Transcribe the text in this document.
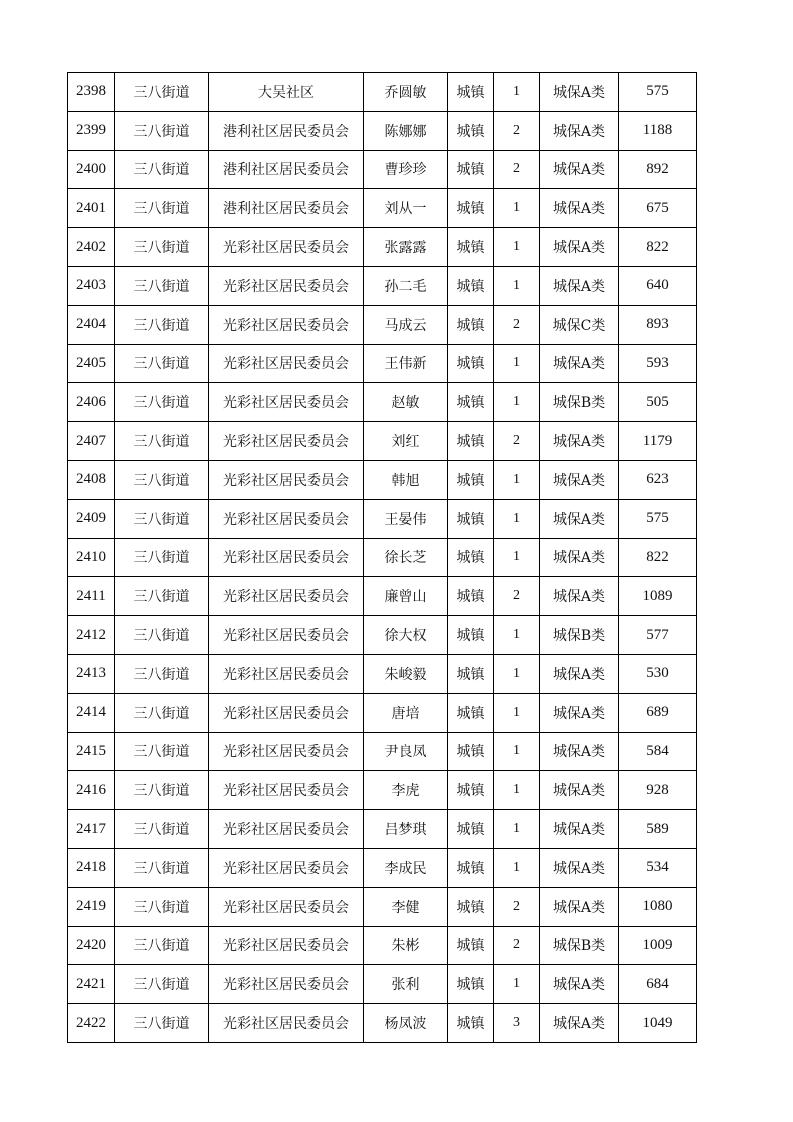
2398	三八街道	大吴社区	乔圆敏	城镇	1	城保A类	575
2399	三八街道	港利社区居民委员会	陈娜娜	城镇	2	城保A类	1188
2400	三八街道	港利社区居民委员会	曹珍珍	城镇	2	城保A类	892
2401	三八街道	港利社区居民委员会	刘从一	城镇	1	城保A类	675
2402	三八街道	光彩社区居民委员会	张露露	城镇	1	城保A类	822
2403	三八街道	光彩社区居民委员会	孙二毛	城镇	1	城保A类	640
2404	三八街道	光彩社区居民委员会	马成云	城镇	2	城保C类	893
2405	三八街道	光彩社区居民委员会	王伟新	城镇	1	城保A类	593
2406	三八街道	光彩社区居民委员会	赵敏	城镇	1	城保B类	505
2407	三八街道	光彩社区居民委员会	刘红	城镇	2	城保A类	1179
2408	三八街道	光彩社区居民委员会	韩旭	城镇	1	城保A类	623
2409	三八街道	光彩社区居民委员会	王晏伟	城镇	1	城保A类	575
2410	三八街道	光彩社区居民委员会	徐长芝	城镇	1	城保A类	822
2411	三八街道	光彩社区居民委员会	廉曾山	城镇	2	城保A类	1089
2412	三八街道	光彩社区居民委员会	徐大权	城镇	1	城保B类	577
2413	三八街道	光彩社区居民委员会	朱峻毅	城镇	1	城保A类	530
2414	三八街道	光彩社区居民委员会	唐培	城镇	1	城保A类	689
2415	三八街道	光彩社区居民委员会	尹良凤	城镇	1	城保A类	584
2416	三八街道	光彩社区居民委员会	李虎	城镇	1	城保A类	928
2417	三八街道	光彩社区居民委员会	吕梦琪	城镇	1	城保A类	589
2418	三八街道	光彩社区居民委员会	李成民	城镇	1	城保A类	534
2419	三八街道	光彩社区居民委员会	李健	城镇	2	城保A类	1080
2420	三八街道	光彩社区居民委员会	朱彬	城镇	2	城保B类	1009
2421	三八街道	光彩社区居民委员会	张利	城镇	1	城保A类	684
2422	三八街道	光彩社区居民委员会	杨凤波	城镇	3	城保A类	1049
